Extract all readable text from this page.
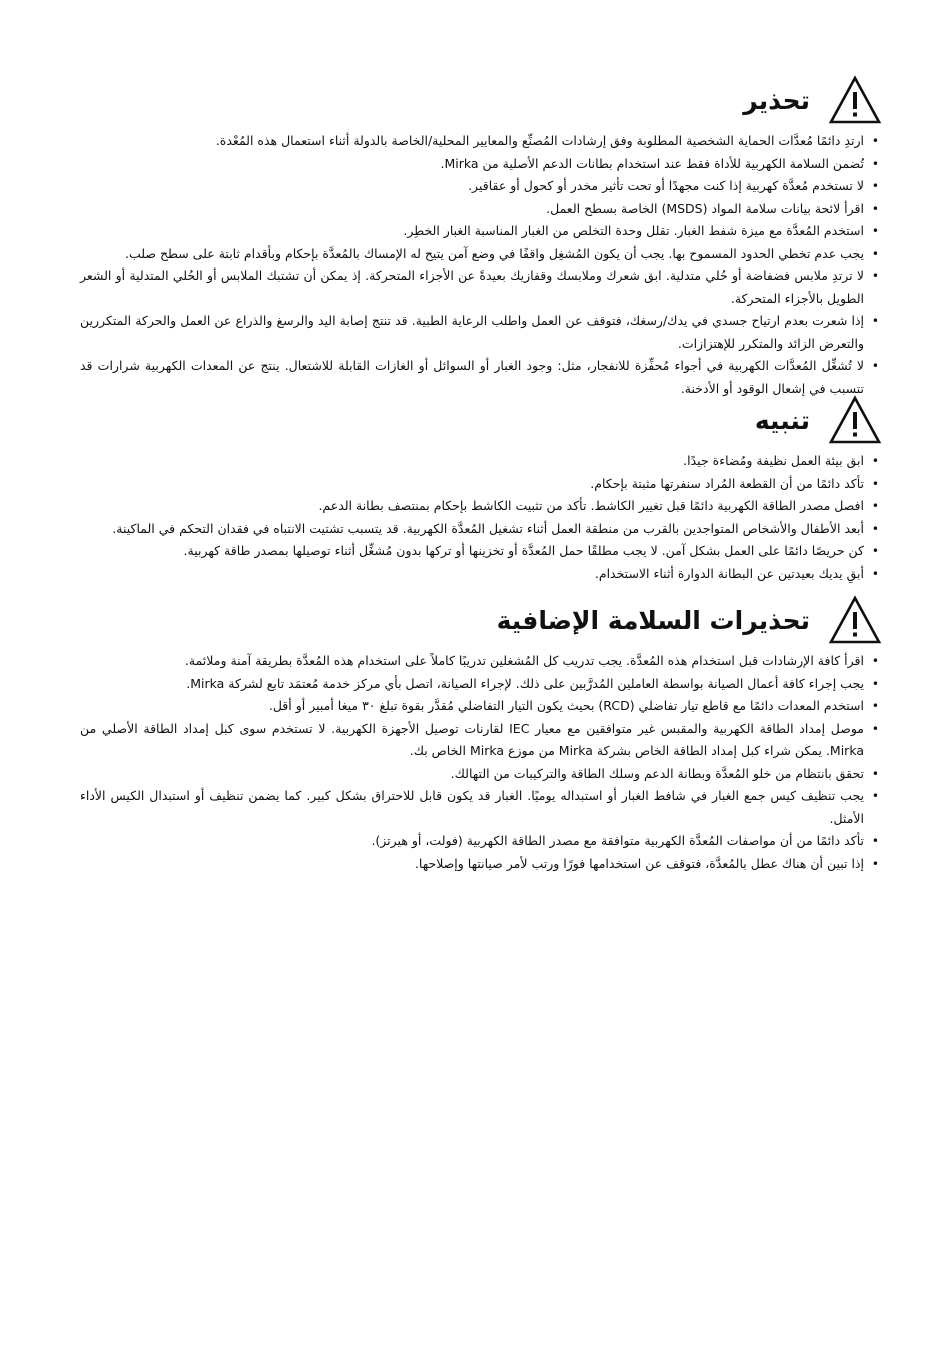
تحذير
• ارتدِ دائمًا مُعدَّات الحماية الشخصية المطلوبة وفق إرشادات المُصنِّع والمعايير المحلية/الخاصة بالدولة أثناء استعمال هذه المُعْدة.
• تُضمن السلامة الكهربية للأداة فقط عند استخدام بطانات الدعم الأصلية من Mirka.
• لا تستخدم مُعدَّة كهربية إذا كنت مجهدًا أو تحت تأثير مخدر أو كحول أو عقاقير.
• اقرأ لائحة بيانات سلامة المواد (MSDS) الخاصة بسطح العمل.
• استخدم المُعدَّة مع ميزة شفط الغبار. تقلل وحدة التخلص من الغبار المناسبة الغبار الخطِر.
• يجب عدم تخطي الحدود المسموح بها. يجب أن يكون المُشغِل واقفًا في وضع آمن يتيح له الإمساك بالمُعدَّة بإحكام وبأقدام ثابتة على سطح صلب.
• لا ترتدِ ملابس فضفاضة أو حُلي متدلية. ابق شعرك وملابسك وقفازيك بعيدةً عن الأجزاء المتحركة. إذ يمكن أن تشتبك الملابس أو الحُلي المتدلية أو الشعر الطويل بالأجزاء المتحركة.
• إذا شعرت بعدم ارتياح جسدي في يدك/رسغك، فتوقف عن العمل واطلب الرعاية الطبية. قد تنتج إصابة اليد والرسغ والذراع عن العمل والحركة المتكررين والتعرض الزائد والمتكرر للإهتزازات.
• لا تُشغِّل المُعدَّات الكهربية في أجواء مُحفِّزة للانفجار، مثل: وجود الغبار أو السوائل أو الغازات القابلة للاشتعال. ينتج عن المعدات الكهربية شرارات قد تتسبب في إشعال الوقود أو الأدخنة.
تنبيه
• ابق بيئة العمل نظيفة ومُضاءة جيدًا.
• تأكد دائمًا من أن القطعة المُراد سنفرتها مثبتة بإحكام.
• افصل مصدر الطاقة الكهربية دائمًا قبل تغيير الكاشط. تأكد من تثبيت الكاشط بإحكام بمنتصف بطانة الدعم.
• أبعد الأطفال والأشخاص المتواجدين بالقرب من منطقة العمل أثناء تشغيل المُعدَّة الكهربية. قد يتسبب تشتيت الانتباه في فقدان التحكم في الماكينة.
• كن حريصًا دائمًا على العمل بشكل آمن. لا يجب مطلقًا حمل المُعدَّة أو تخزينها أو تركها بدون مُشغِّل أثناء توصيلها بمصدر طاقة كهربية.
• أبقِ يديك بعيدتين عن البطانة الدوارة أثناء الاستخدام.
تحذيرات السلامة الإضافية
• اقرأ كافة الإرشادات قبل استخدام هذه المُعدَّة. يجب تدريب كل المُشغلين تدريبًا كاملاً على استخدام هذه المُعدَّة بطريقة آمنة وملائمة.
• يجب إجراء كافة أعمال الصيانة بواسطة العاملين المُدرَّبين على ذلك. لإجراء الصيانة، اتصل بأي مركز خدمة مُعتمَد تابع لشركة Mirka.
• استخدم المعدات دائمًا مع قاطع تيار تفاضلي (RCD) بحيث يكون التيار التفاضلي مُقدَّر بقوة تبلغ ٣٠ ميغا أمبير أو أقل.
• موصل إمداد الطاقة الكهربية والمقبس غير متوافقين مع معيار IEC لقارنات توصيل الأجهزة الكهربية. لا تستخدم سوى كبل إمداد الطاقة الأصلي من Mirka. يمكن شراء كبل إمداد الطاقة الخاص بشركة Mirka من موزع Mirka الخاص بك.
• تحقق بانتظام من خلو المُعدَّة وبطانة الدعم وسلك الطاقة والتركيبات من التهالك.
• يجب تنظيف كيس جمع الغبار في شافط الغبار أو استبداله يوميًا. الغبار قد يكون قابل للاحتراق بشكل كبير. كما يضمن تنظيف أو استبدال الكيس الأداء الأمثل.
• تأكد دائمًا من أن مواصفات المُعدَّة الكهربية متوافقة مع مصدر الطاقة الكهربية (فولت، أو هيرتز).
• إذا تبين أن هناك عطل بالمُعدَّة، فتوقف عن استخدامها فورًا ورتب لأمر صيانتها وإصلاحها.
